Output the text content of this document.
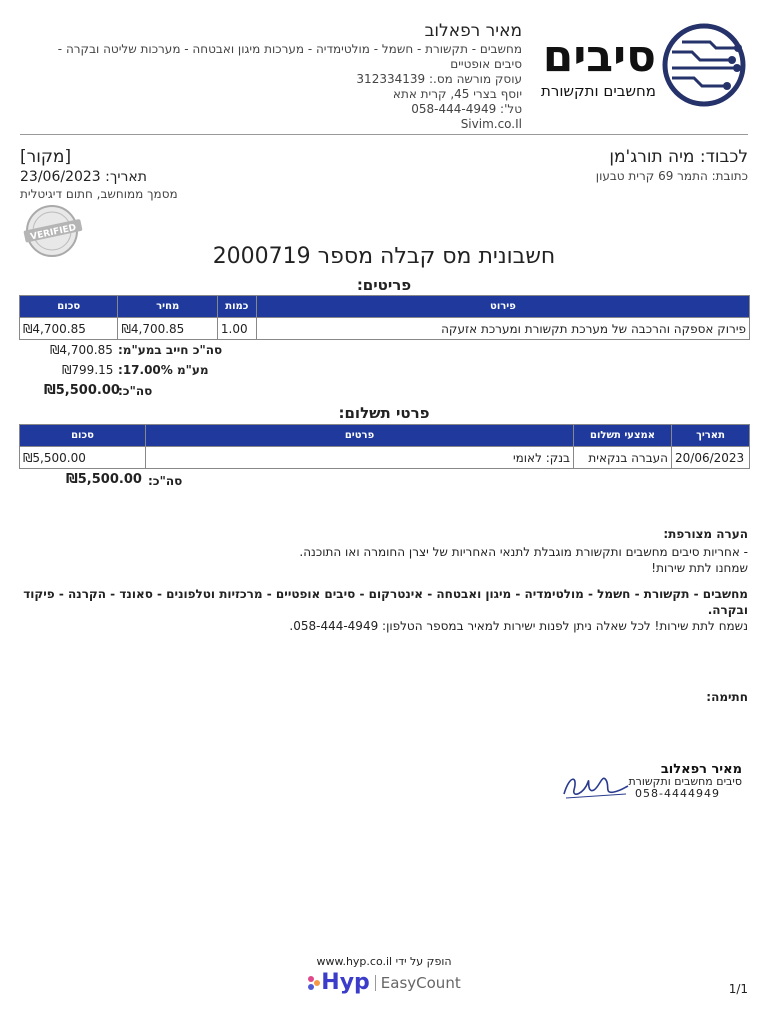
סיבים
מחשבים ותקשורת
מאיר רפאלוב
מחשבים - תקשורת - חשמל - מולטימדיה - מערכות מיגון ואבטחה - מערכות שליטה ובקרה - סיבים אופטיים
עוסק מורשה מס.: 312334139
יוסף בצרי 45, קרית אתא
טל': 058-444-4949
Sivim.co.Il
לכבוד: מיה תורג'מן
כתובת: התמר 69 קרית טבעון
[מקור]
תאריך: 23/06/2023
מסמך ממוחשב, חתום דיגיטלית
VERIFIED
חשבונית מס קבלה מספר 2000719
פריטים:
פירוט	כמות	מחיר	סכום
פירוק אספקה והרכבה של מערכת תקשורת ומערכת אזעקה	1.00	₪4,700.85	₪4,700.85
סה"כ חייב במע"מ:
₪4,700.85
מע"מ 17.00%:
₪799.15
סה"כ:
₪5,500.00
פרטי תשלום:
תאריך	אמצעי תשלום	פרטים	סכום
20/06/2023	העברה בנקאית	בנק: לאומי	₪5,500.00
סה"כ:
₪5,500.00
הערה מצורפת:

- אחריות סיבים מחשבים ותקשורת מוגבלת לתנאי האחריות של יצרן החומרה ואו התוכנה.

שמחנו לתת שירות!

מחשבים - תקשורת - חשמל - מולטימדיה - מיגון ואבטחה - אינטרקום - סיבים אופטיים - מרכזיות וטלפונים - סאונד - הקרנה - פיקוד ובקרה.

נשמח לתת שירות! לכל שאלה ניתן לפנות ישירות למאיר במספר הטלפון: 058-444-4949.

חתימה:
מאיר רפאלוב
סיבים מחשבים ותקשורת
058-4444949
הופק על ידי www.hyp.co.il
Hyp EasyCount	1/1
